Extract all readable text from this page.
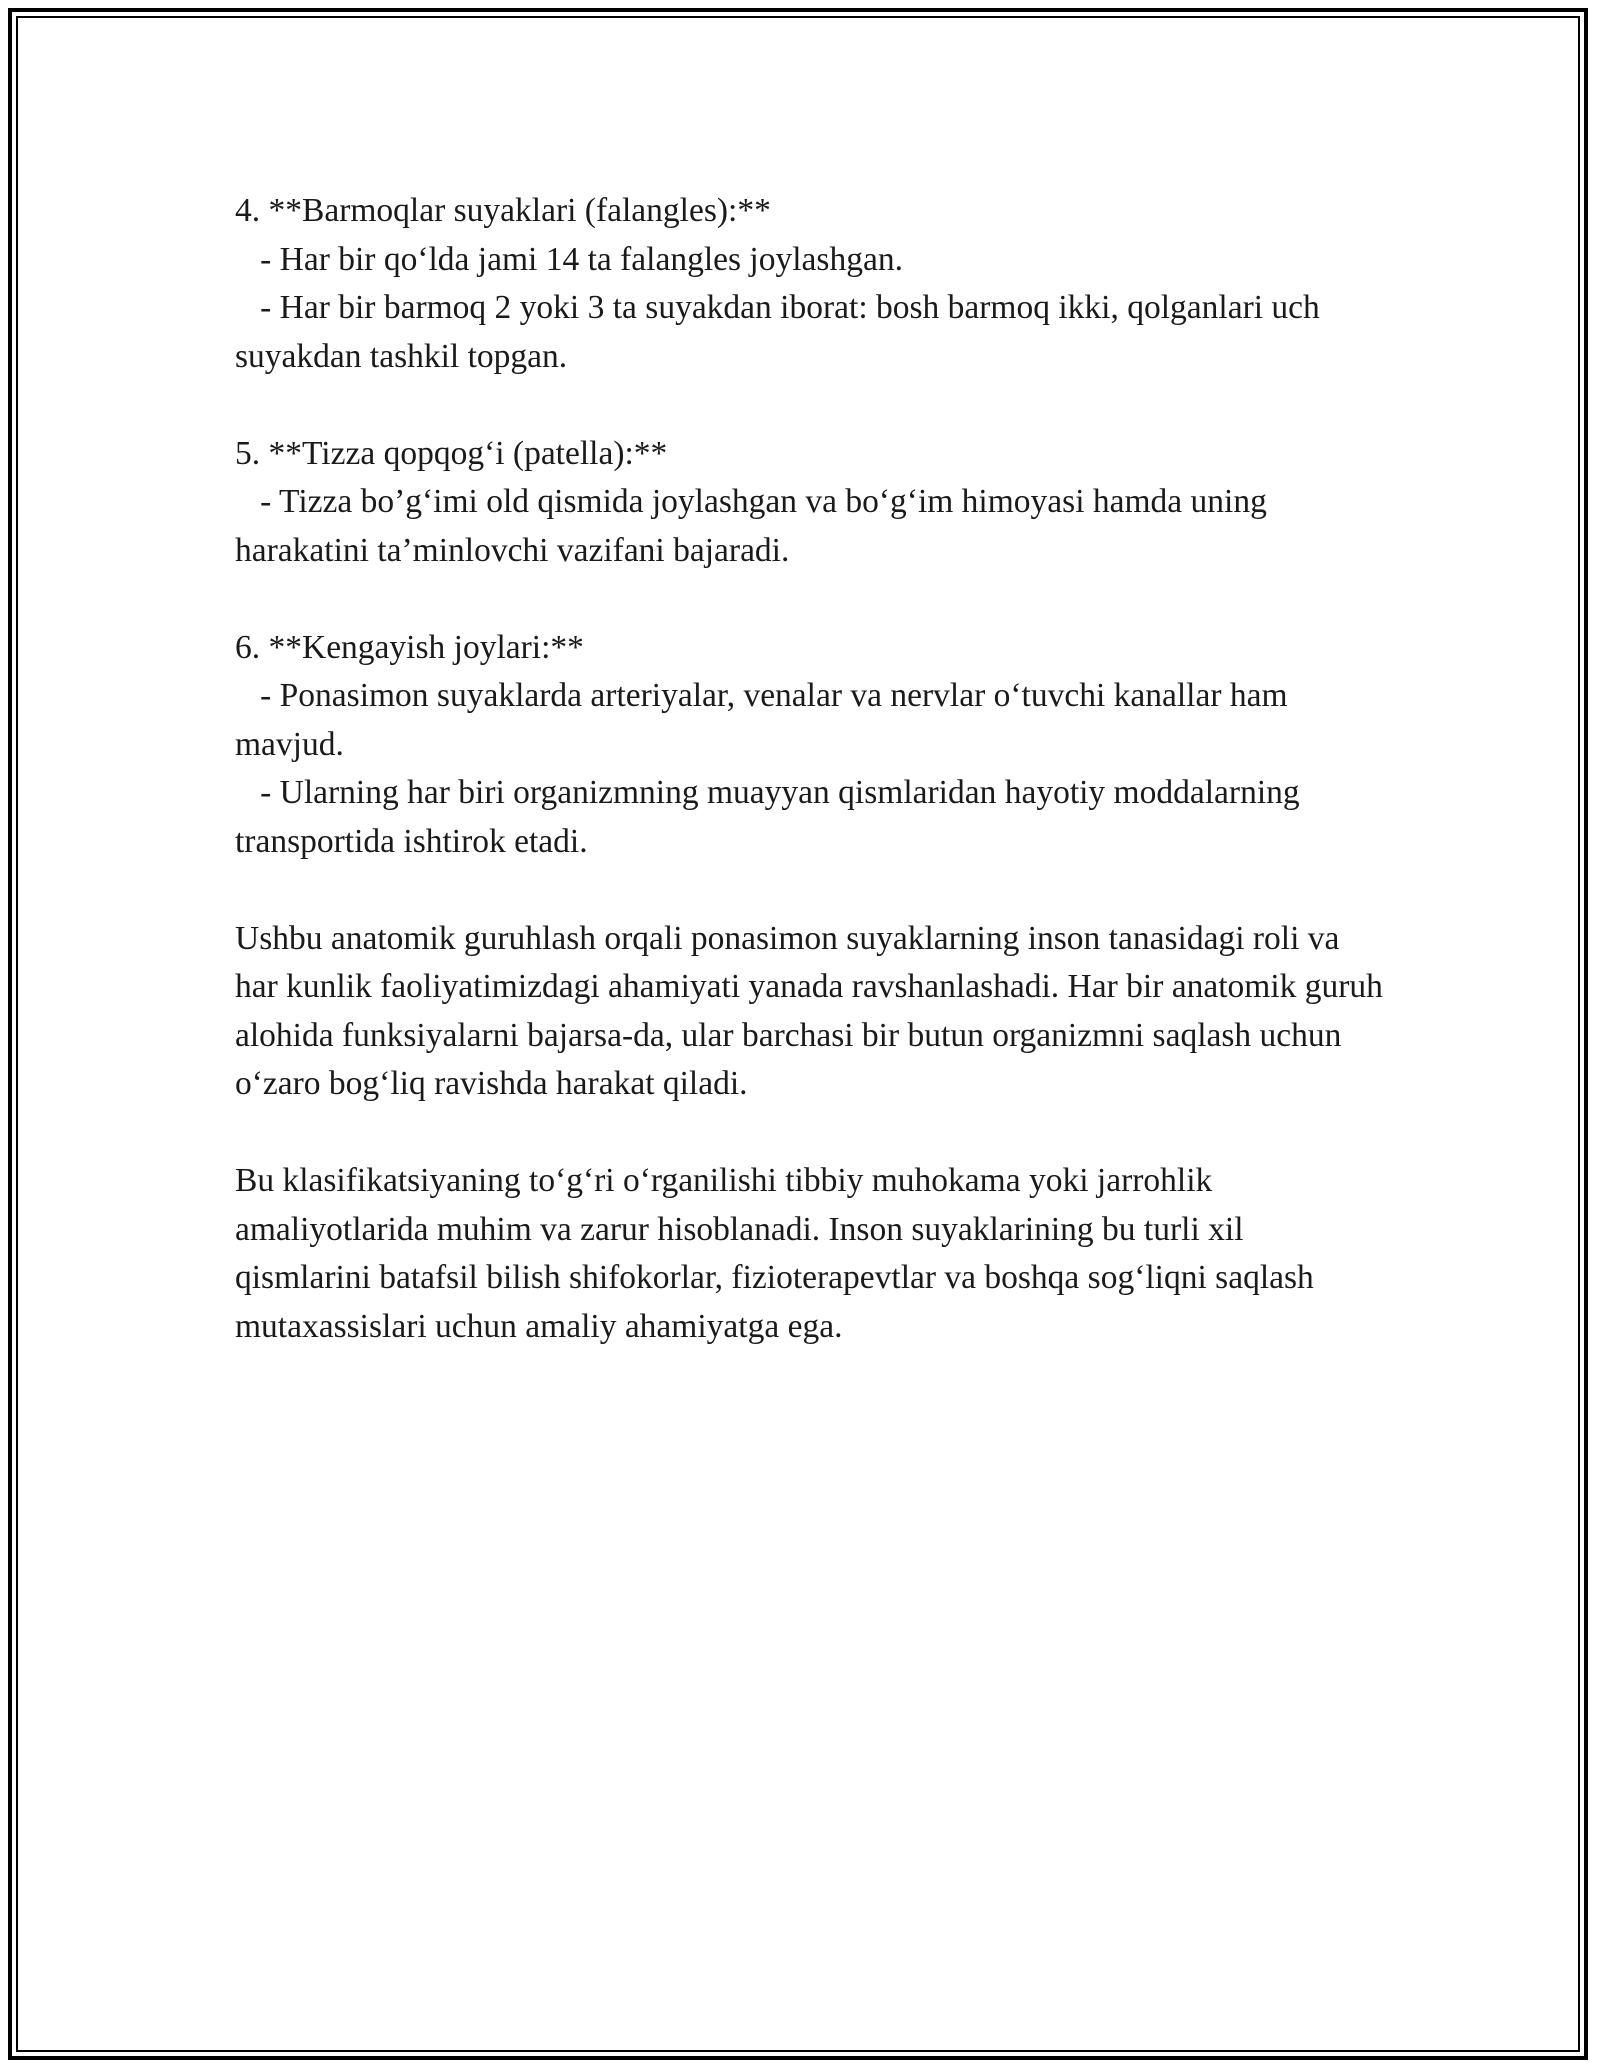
4. **Barmoqlar suyaklari (falangles):**
- Har bir qo‘lda jami 14 ta falangles joylashgan.
- Har bir barmoq 2 yoki 3 ta suyakdan iborat: bosh barmoq ikki, qolganlari uch suyakdan tashkil topgan.
5. **Tizza qopqog‘i (patella):**
- Tizza bo’g‘imi old qismida joylashgan va bo‘g‘im himoyasi hamda uning harakatini ta’minlovchi vazifani bajaradi.
6. **Kengayish joylari:**
- Ponasimon suyaklarda arteriyalar, venalar va nervlar o‘tuvchi kanallar ham mavjud.
- Ularning har biri organizmning muayyan qismlaridan hayotiy moddalarning transportida ishtirok etadi.

Ushbu anatomik guruhlash orqali ponasimon suyaklarning inson tanasidagi roli va har kunlik faoliyatimizdagi ahamiyati yanada ravshanlashadi. Har bir anatomik guruh alohida funksiyalarni bajarsa-da, ular barchasi bir butun organizmni saqlash uchun o‘zaro bog‘liq ravishda harakat qiladi.

Bu klasifikatsiyaning to‘g‘ri o‘rganilishi tibbiy muhokama yoki jarrohlik amaliyotlarida muhim va zarur hisoblanadi. Inson suyaklarining bu turli xil qismlarini batafsil bilish shifokorlar, fizioterapevtlar va boshqa sog‘liqni saqlash mutaxassislari uchun amaliy ahamiyatga ega.
